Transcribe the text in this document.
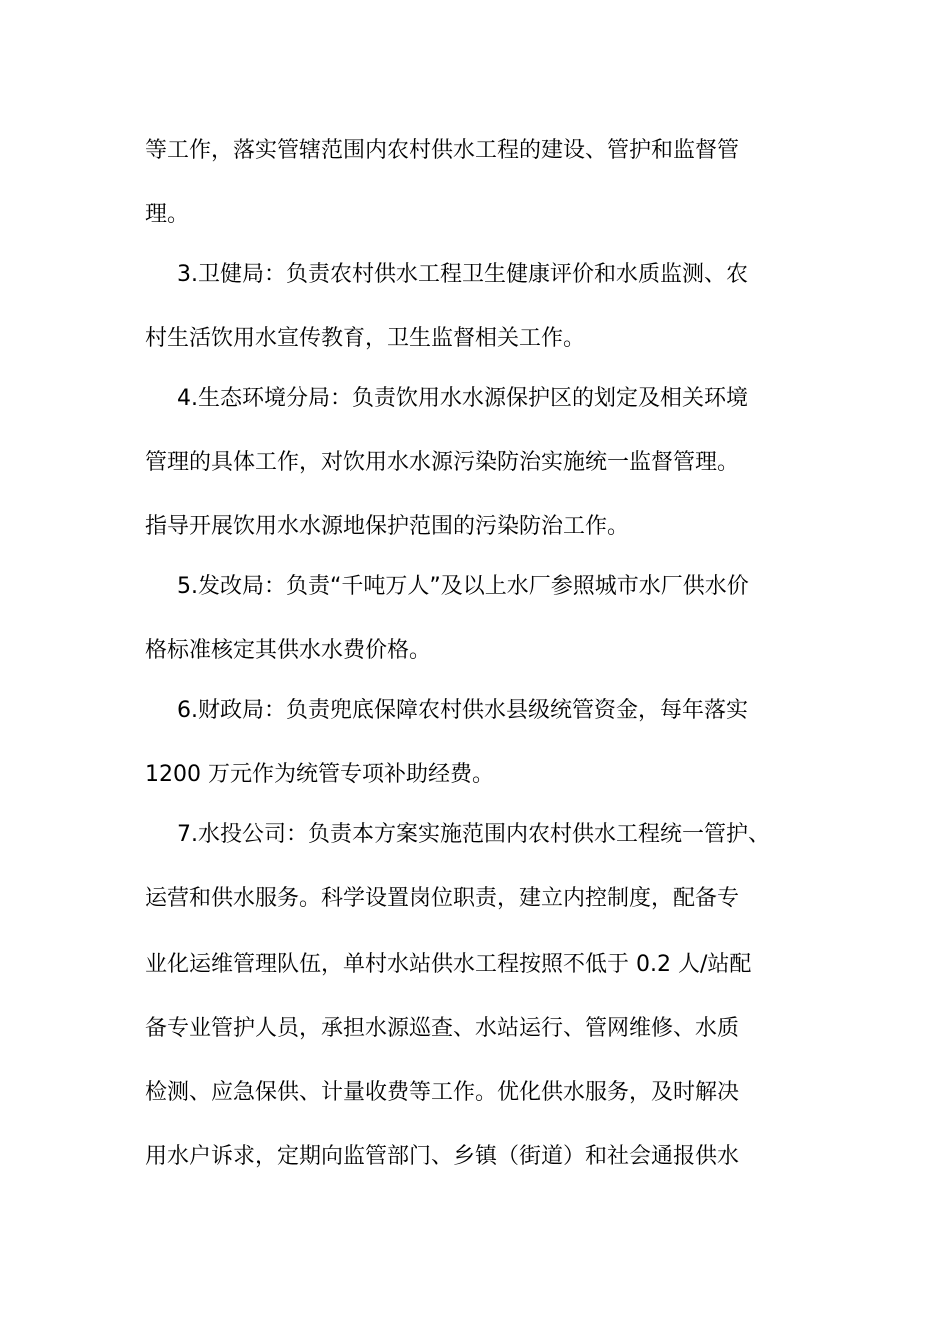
等工作，落实管辖范围内农村供水工程的建设、管护和监督管
理。
3.卫健局：负责农村供水工程卫生健康评价和水质监测、农
村生活饮用水宣传教育，卫生监督相关工作。
4.生态环境分局：负责饮用水水源保护区的划定及相关环境
管理的具体工作，对饮用水水源污染防治实施统一监督管理。
指导开展饮用水水源地保护范围的污染防治工作。
5.发改局：负责“千吨万人”及以上水厂参照城市水厂供水价
格标准核定其供水水费价格。
6.财政局：负责兜底保障农村供水县级统管资金，每年落实
1200 万元作为统管专项补助经费。
7.水投公司：负责本方案实施范围内农村供水工程统一管护、
运营和供水服务。科学设置岗位职责，建立内控制度，配备专
业化运维管理队伍，单村水站供水工程按照不低于 0.2 人/站配
备专业管护人员，承担水源巡查、水站运行、管网维修、水质
检测、应急保供、计量收费等工作。优化供水服务，及时解决
用水户诉求，定期向监管部门、乡镇（街道）和社会通报供水
